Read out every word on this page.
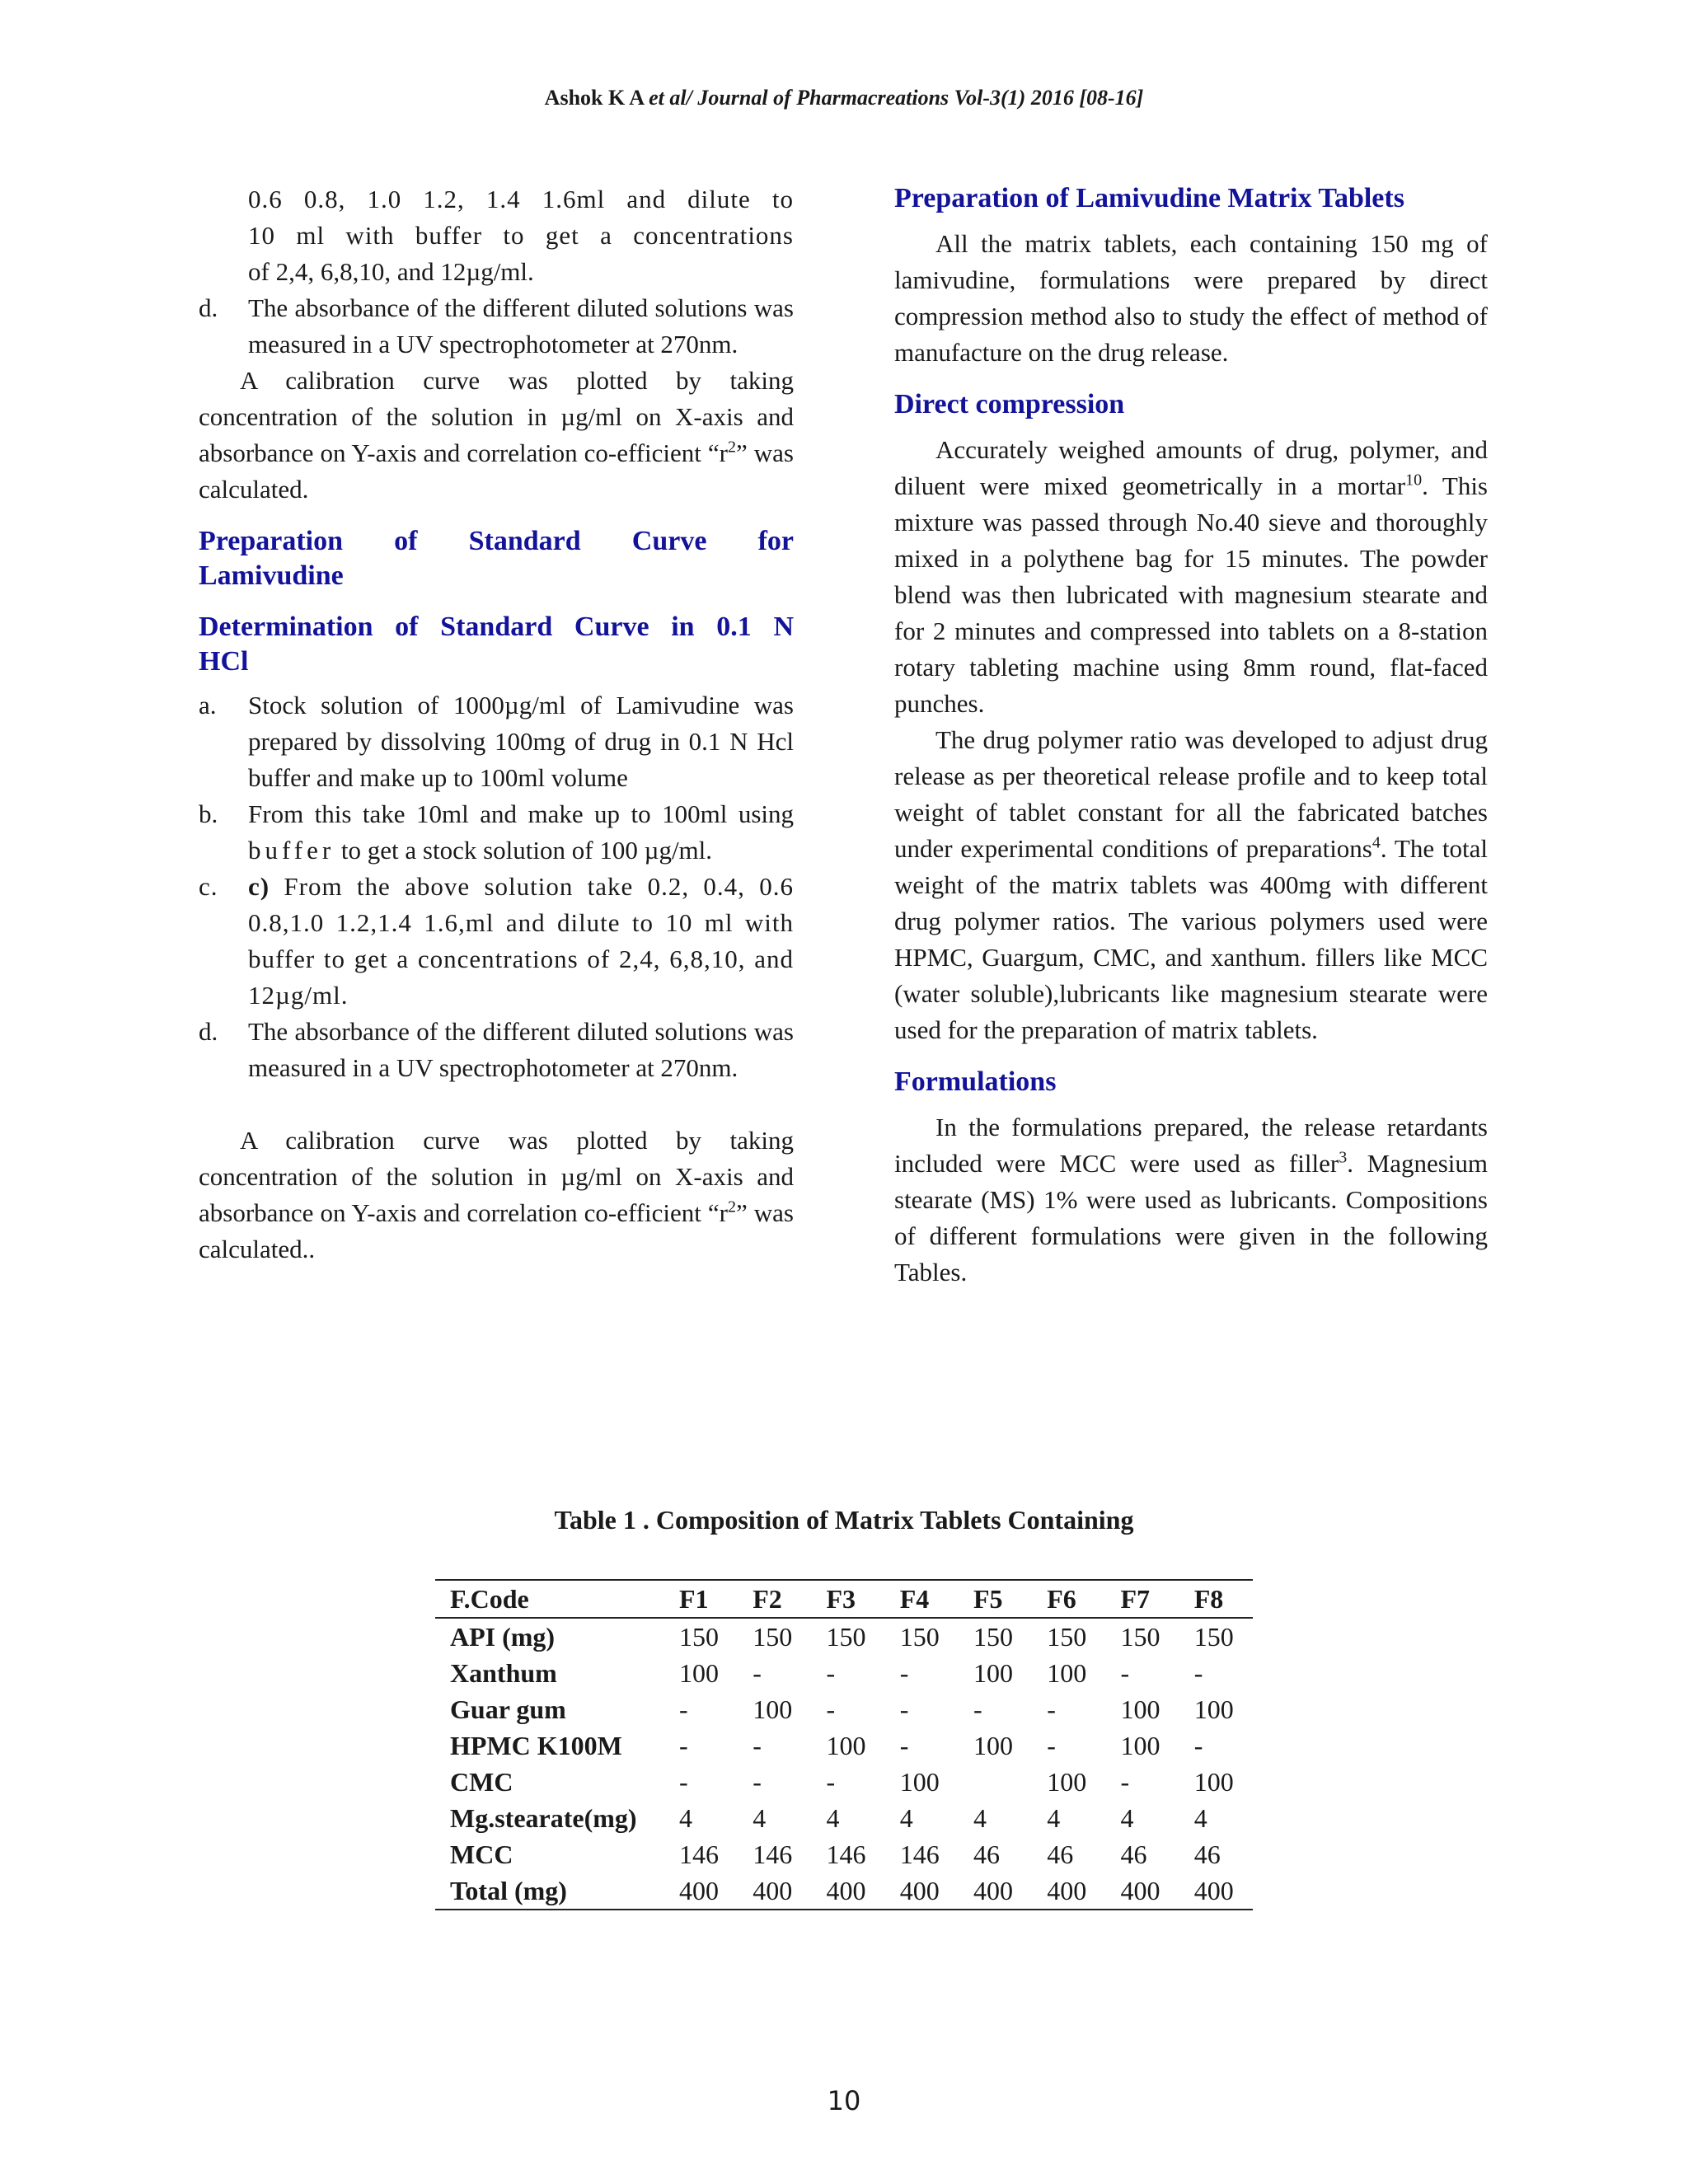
Ashok K A et al/ Journal of Pharmacreations Vol-3(1) 2016 [08-16]
0.6 0.8, 1.0 1.2, 1.4 1.6ml and dilute to
10 ml with buffer to get a concentrations
of 2,4, 6,8,10, and 12µg/ml.
d. The absorbance of the different diluted solutions was measured in a UV spectrophotometer at 270nm.

A calibration curve was plotted by taking concentration of the solution in µg/ml on X-axis and absorbance on Y-axis and correlation co-efficient “$r^2$” was calculated.

Preparation of Standard Curve for
Lamivudine
Determination of Standard Curve in 0.1 N
HCl
a. Stock solution of 1000µg/ml of Lamivudine was prepared by dissolving 100mg of drug in 0.1 N Hcl buffer and make up to 100ml volume
b. From this take 10ml and make up to 100ml using buffer to get a stock solution of 100 µg/ml.
c. c) From the above solution take 0.2, 0.4, 0.6 0.8,1.0 1.2,1.4 1.6,ml and dilute to 10 ml with buffer to get a concentrations of 2,4, 6,8,10, and 12µg/ml.
d. The absorbance of the different diluted solutions was measured in a UV spectrophotometer at 270nm.

A calibration curve was plotted by taking concentration of the solution in µg/ml on X-axis and absorbance on Y-axis and correlation co-efficient “$r^2$” was calculated..

Preparation of Lamivudine Matrix Tablets

All the matrix tablets, each containing 150 mg of lamivudine, formulations were prepared by direct compression method also to study the effect of method of manufacture on the drug release.

Direct compression

Accurately weighed amounts of drug, polymer, and diluent were mixed geometrically in a mortar$^{10}$. This mixture was passed through No.40 sieve and thoroughly mixed in a polythene bag for 15 minutes. The powder blend was then lubricated with magnesium stearate and for 2 minutes and compressed into tablets on a 8-station rotary tableting machine using 8mm round, flat-faced punches.

The drug polymer ratio was developed to adjust drug release as per theoretical release profile and to keep total weight of tablet constant for all the fabricated batches under experimental conditions of preparations$^4$. The total weight of the matrix tablets was 400mg with different drug polymer ratios. The various polymers used were HPMC, Guargum, CMC, and xanthum. fillers like MCC (water soluble),lubricants like magnesium stearate were used for the preparation of matrix tablets.

Formulations

In the formulations prepared, the release retardants included were MCC were used as filler$^3$. Magnesium stearate (MS) 1% were used as lubricants. Compositions of different formulations were given in the following Tables.

Table 1 . Composition of Matrix Tablets Containing
F.Code	F1	F2	F3	F4	F5	F6	F7	F8
API (mg)	150	150	150	150	150	150	150	150
Xanthum	100	-	-	-	100	100	-	-
Guar gum	-	100	-	-	-	-	100	100
HPMC K100M	-	-	100	-	100	-	100	-
CMC	-	-	-	100		100	-	100
Mg.stearate(mg)	4	4	4	4	4	4	4	4
MCC	146	146	146	146	46	46	46	46
Total (mg)	400	400	400	400	400	400	400	400
10
